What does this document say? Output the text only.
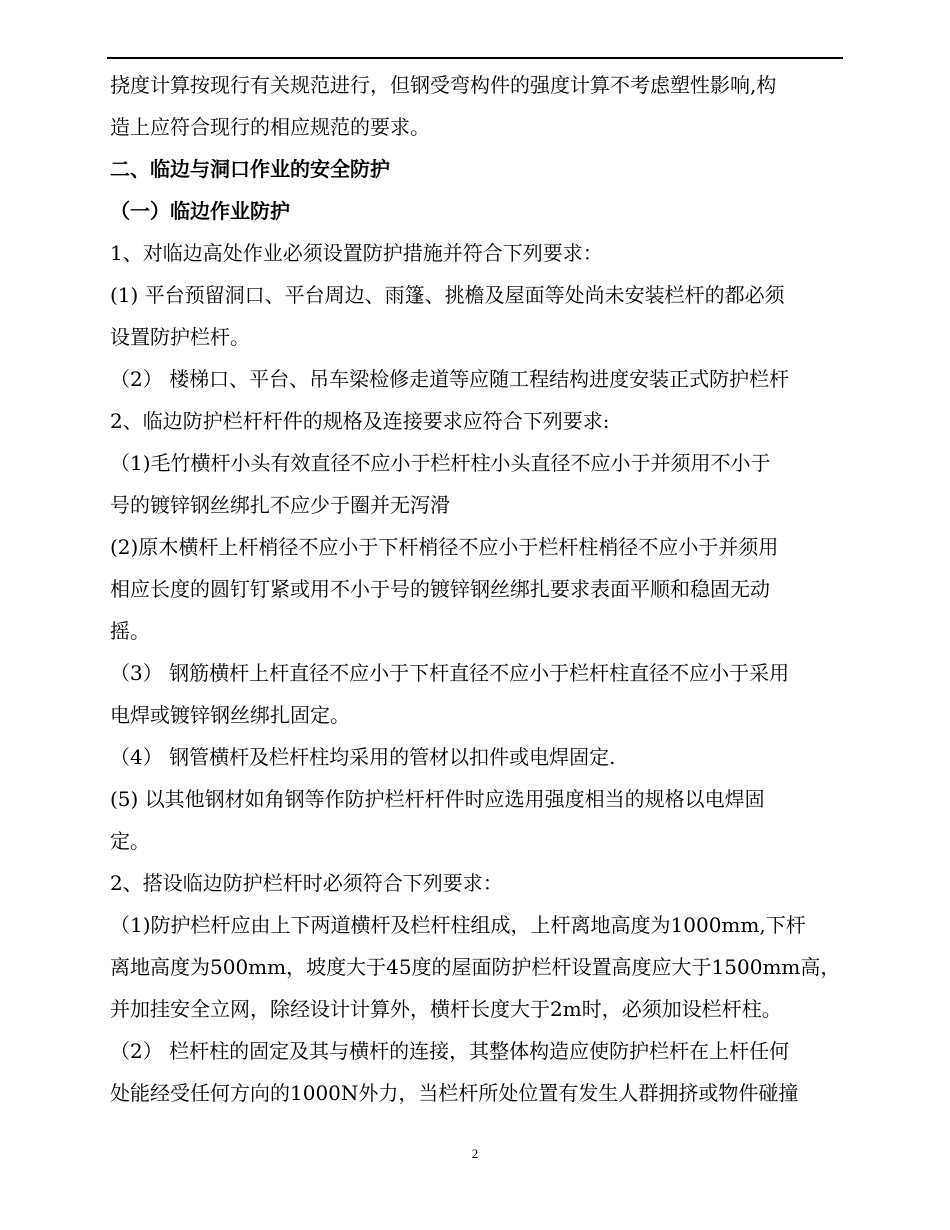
挠度计算按现行有关规范进行，但钢受弯构件的强度计算不考虑塑性影响,构
造上应符合现行的相应规范的要求。
二、临边与洞口作业的安全防护
（一）临边作业防护
1、对临边高处作业必须设置防护措施并符合下列要求：
(1) 平台预留洞口、平台周边、雨篷、挑檐及屋面等处尚未安装栏杆的都必须
设置防护栏杆。
（2） 楼梯口、平台、吊车梁检修走道等应随工程结构进度安装正式防护栏杆
2、临边防护栏杆杆件的规格及连接要求应符合下列要求:
（1)毛竹横杆小头有效直径不应小于栏杆柱小头直径不应小于并须用不小于
号的镀锌钢丝绑扎不应少于圈并无泻滑
(2)原木横杆上杆梢径不应小于下杆梢径不应小于栏杆柱梢径不应小于并须用
相应长度的圆钉钉紧或用不小于号的镀锌钢丝绑扎要求表面平顺和稳固无动
摇。
（3） 钢筋横杆上杆直径不应小于下杆直径不应小于栏杆柱直径不应小于采用
电焊或镀锌钢丝绑扎固定。
（4） 钢管横杆及栏杆柱均采用的管材以扣件或电焊固定.
(5) 以其他钢材如角钢等作防护栏杆杆件时应选用强度相当的规格以电焊固
定。
2、搭设临边防护栏杆时必须符合下列要求：
（1)防护栏杆应由上下两道横杆及栏杆柱组成，上杆离地高度为1000mm,下杆
离地高度为500mm，坡度大于45度的屋面防护栏杆设置高度应大于1500mm高，
并加挂安全立网，除经设计计算外，横杆长度大于2m时，必须加设栏杆柱。
（2） 栏杆柱的固定及其与横杆的连接，其整体构造应使防护栏杆在上杆任何
处能经受任何方向的1000N外力，当栏杆所处位置有发生人群拥挤或物件碰撞
2
